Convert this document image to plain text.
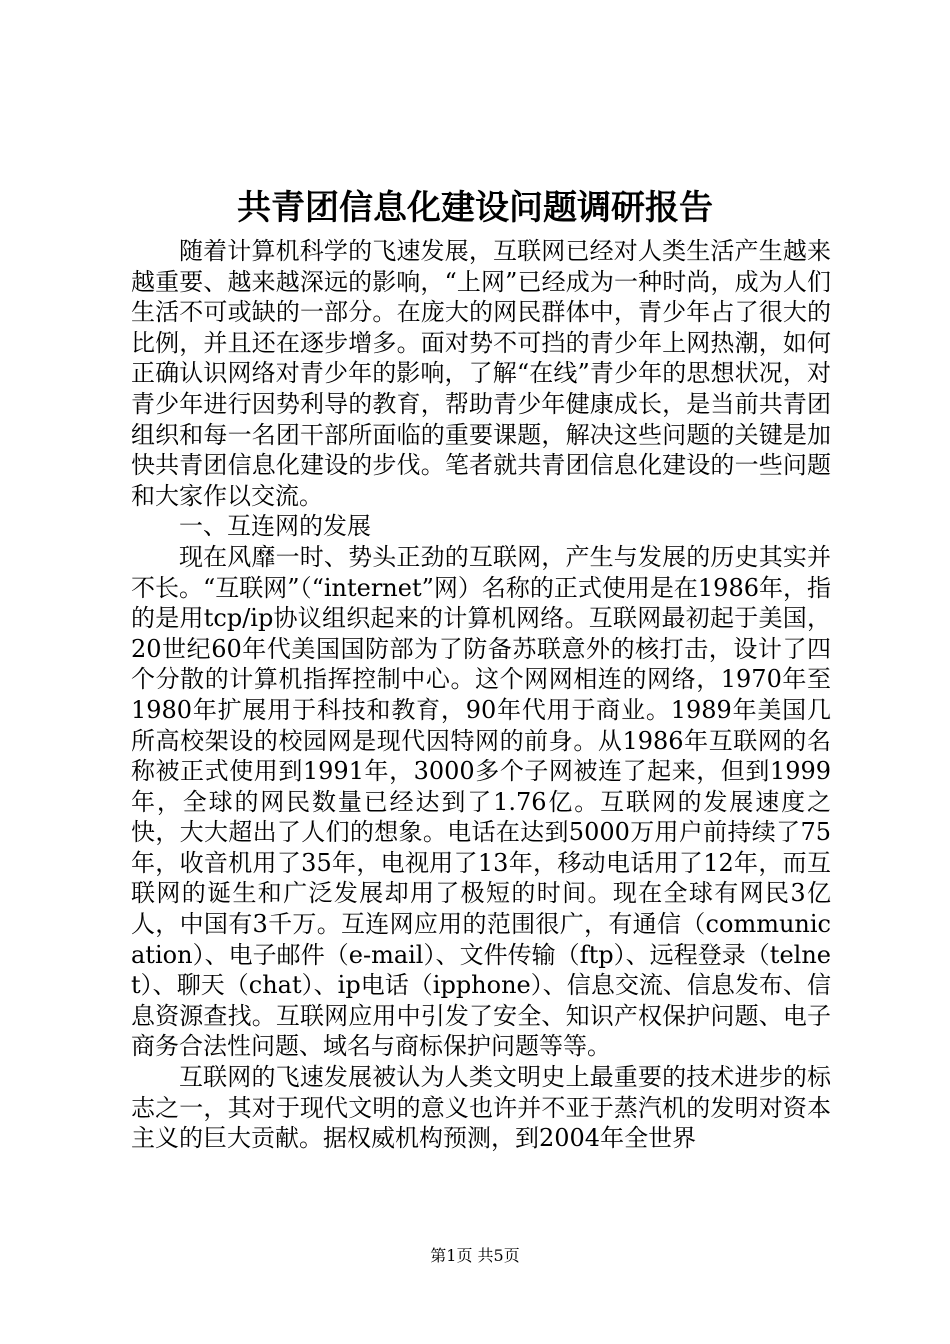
共青团信息化建设问题调研报告

随着计算机科学的飞速发展，互联网已经对人类生活产生越来越重要、越来越深远的影响，“上网”已经成为一种时尚，成为人们生活不可或缺的一部分。在庞大的网民群体中，青少年占了很大的比例，并且还在逐步增多。面对势不可挡的青少年上网热潮，如何正确认识网络对青少年的影响，了解“在线”青少年的思想状况，对青少年进行因势利导的教育，帮助青少年健康成长，是当前共青团组织和每一名团干部所面临的重要课题，解决这些问题的关键是加快共青团信息化建设的步伐。笔者就共青团信息化建设的一些问题和大家作以交流。

一、互连网的发展

现在风靡一时、势头正劲的互联网，产生与发展的历史其实并不长。“互联网”（“internet”网）名称的正式使用是在1986年，指的是用tcp/ip协议组织起来的计算机网络。互联网最初起于美国，20世纪60年代美国国防部为了防备苏联意外的核打击，设计了四个分散的计算机指挥控制中心。这个网网相连的网络，1970年至1980年扩展用于科技和教育，90年代用于商业。1989年美国几所高校架设的校园网是现代因特网的前身。从1986年互联网的名称被正式使用到1991年，3000多个子网被连了起来，但到1999年，全球的网民数量已经达到了1.76亿。互联网的发展速度之快，大大超出了人们的想象。电话在达到5000万用户前持续了75年，收音机用了35年，电视用了13年，移动电话用了12年，而互联网的诞生和广泛发展却用了极短的时间。现在全球有网民3亿人，中国有3千万。互连网应用的范围很广，有通信（communication）、电子邮件（e-mail）、文件传输（ftp）、远程登录（telnet）、聊天（chat）、ip电话（ipphone）、信息交流、信息发布、信息资源查找。互联网应用中引发了安全、知识产权保护问题、电子商务合法性问题、域名与商标保护问题等等。

互联网的飞速发展被认为人类文明史上最重要的技术进步的标志之一，其对于现代文明的意义也许并不亚于蒸汽机的发明对资本主义的巨大贡献。据权威机构预测，到2004年全世界

第1页 共5页
